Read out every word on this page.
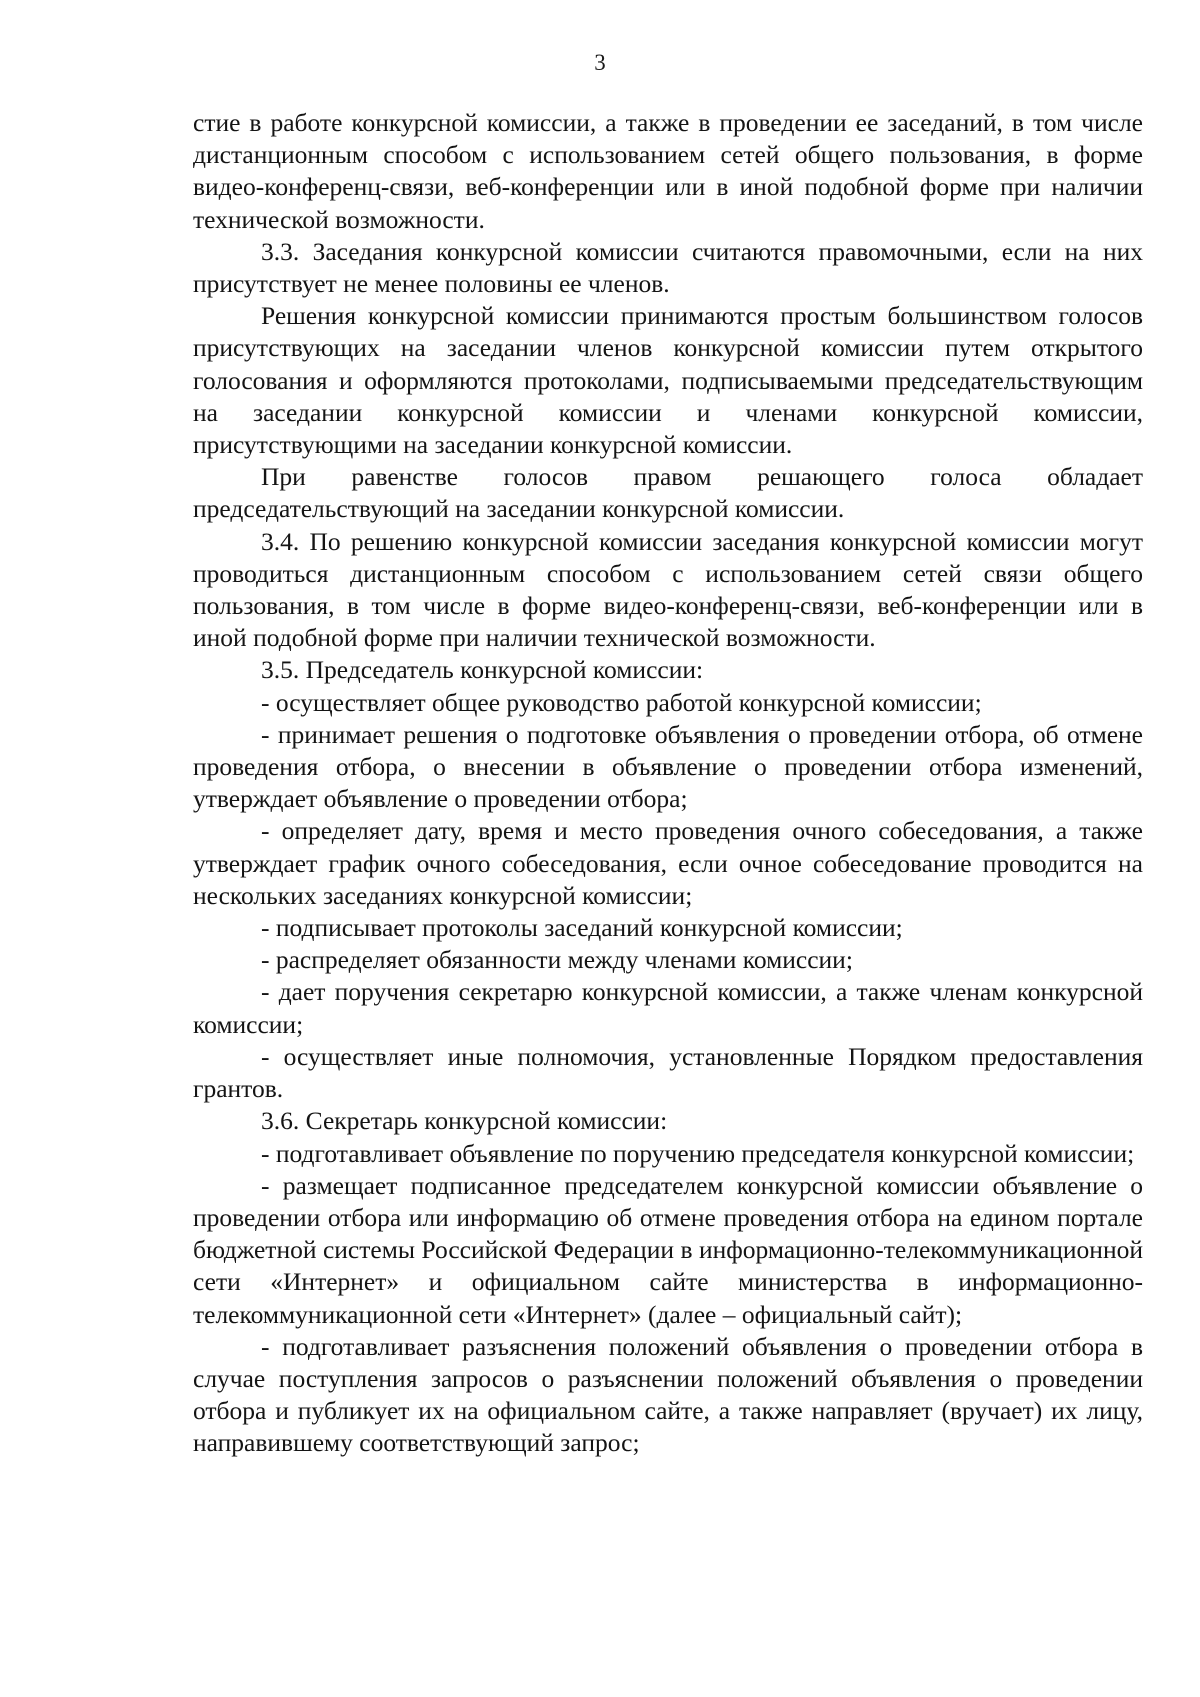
3

стие в работе конкурсной комиссии, а также в проведении ее заседаний, в том числе дистанционным способом с использованием сетей общего пользования, в форме видео-конференц-связи, веб-конференции или в иной подобной форме при наличии технической возможности.

3.3. Заседания конкурсной комиссии считаются правомочными, если на них присутствует не менее половины ее членов.

Решения конкурсной комиссии принимаются простым большинством голосов присутствующих на заседании членов конкурсной комиссии путем открытого голосования и оформляются протоколами, подписываемыми председательствующим на заседании конкурсной комиссии и членами конкурсной комиссии, присутствующими на заседании конкурсной комиссии.

При равенстве голосов правом решающего голоса обладает председательствующий на заседании конкурсной комиссии.

3.4. По решению конкурсной комиссии заседания конкурсной комиссии могут проводиться дистанционным способом с использованием сетей связи общего пользования, в том числе в форме видео-конференц-связи, веб-конференции или в иной подобной форме при наличии технической возможности.

3.5. Председатель конкурсной комиссии:

- осуществляет общее руководство работой конкурсной комиссии;

- принимает решения о подготовке объявления о проведении отбора, об отмене проведения отбора, о внесении в объявление о проведении отбора изменений, утверждает объявление о проведении отбора;

- определяет дату, время и место проведения очного собеседования, а также утверждает график очного собеседования, если очное собеседование проводится на нескольких заседаниях конкурсной комиссии;

- подписывает протоколы заседаний конкурсной комиссии;

- распределяет обязанности между членами комиссии;

- дает поручения секретарю конкурсной комиссии, а также членам конкурсной комиссии;

- осуществляет иные полномочия, установленные Порядком предоставления грантов.

3.6. Секретарь конкурсной комиссии:

- подготавливает объявление по поручению председателя конкурсной комиссии;

- размещает подписанное председателем конкурсной комиссии объявление о проведении отбора или информацию об отмене проведения отбора на едином портале бюджетной системы Российской Федерации в информационно-телекоммуникационной сети «Интернет» и официальном сайте министерства в информационно-телекоммуникационной сети «Интернет» (далее – официальный сайт);

- подготавливает разъяснения положений объявления о проведении отбора в случае поступления запросов о разъяснении положений объявления о проведении отбора и публикует их на официальном сайте, а также направляет (вручает) их лицу, направившему соответствующий запрос;
